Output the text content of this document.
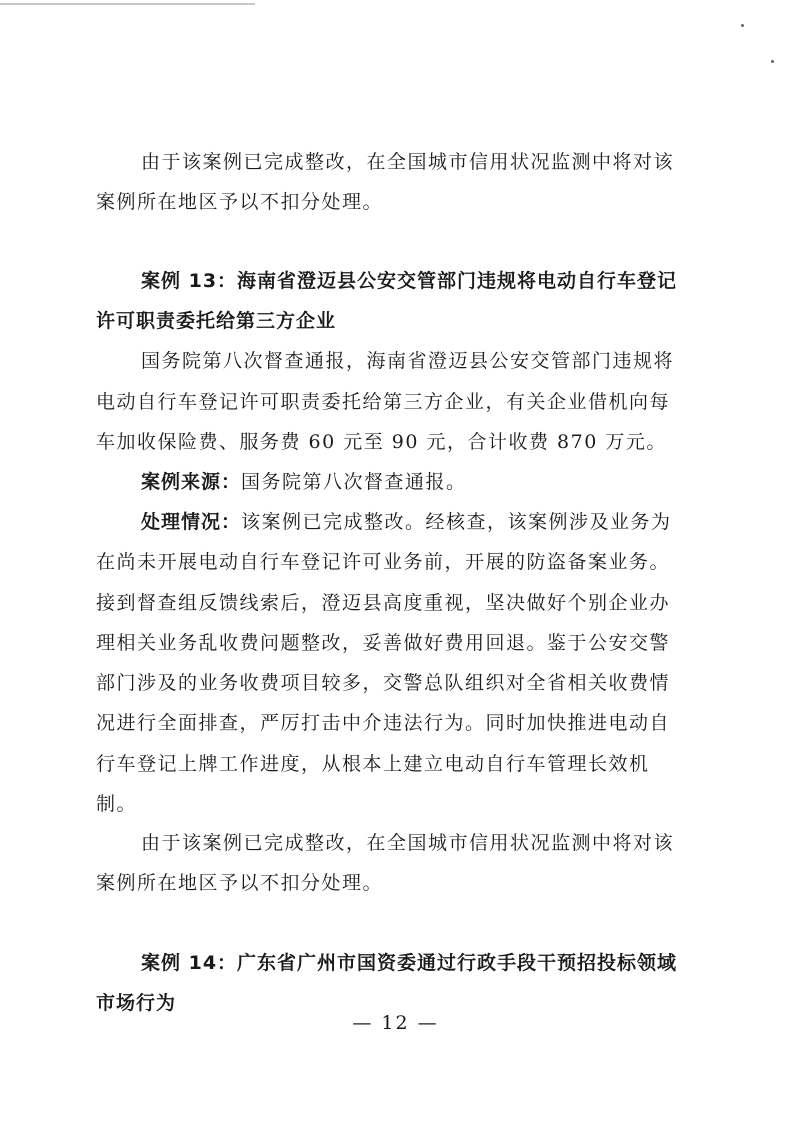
由于该案例已完成整改，在全国城市信用状况监测中将对该
案例所在地区予以不扣分处理。
案例 13：海南省澄迈县公安交管部门违规将电动自行车登记
许可职责委托给第三方企业
国务院第八次督查通报，海南省澄迈县公安交管部门违规将
电动自行车登记许可职责委托给第三方企业，有关企业借机向每
车加收保险费、服务费 60 元至 90 元，合计收费 870 万元。
案例来源：国务院第八次督查通报。
处理情况：该案例已完成整改。经核查，该案例涉及业务为
在尚未开展电动自行车登记许可业务前，开展的防盗备案业务。
接到督查组反馈线索后，澄迈县高度重视，坚决做好个别企业办
理相关业务乱收费问题整改，妥善做好费用回退。鉴于公安交警
部门涉及的业务收费项目较多，交警总队组织对全省相关收费情
况进行全面排查，严厉打击中介违法行为。同时加快推进电动自
行车登记上牌工作进度，从根本上建立电动自行车管理长效机
制。
由于该案例已完成整改，在全国城市信用状况监测中将对该
案例所在地区予以不扣分处理。
案例 14：广东省广州市国资委通过行政手段干预招投标领域
市场行为
— 12 —
